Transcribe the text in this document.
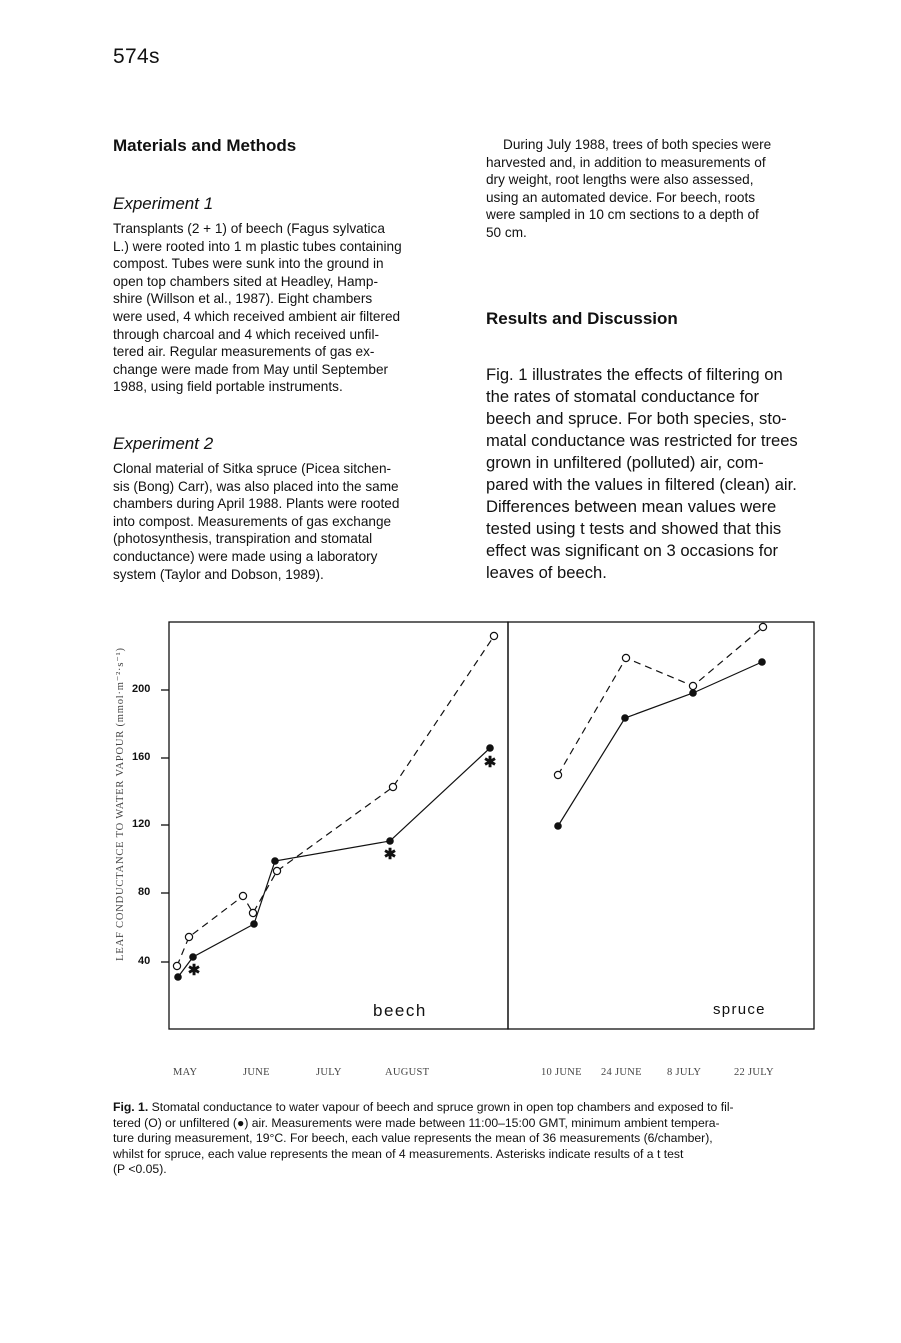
574s
Materials and Methods
Experiment 1
Transplants (2 + 1) of beech (Fagus sylvatica
L.) were rooted into 1 m plastic tubes containing
compost. Tubes were sunk into the ground in
open top chambers sited at Headley, Hamp-
shire (Willson et al., 1987). Eight chambers
were used, 4 which received ambient air filtered
through charcoal and 4 which received unfil-
tered air. Regular measurements of gas ex-
change were made from May until September
1988, using field portable instruments.
Experiment 2
Clonal material of Sitka spruce (Picea sitchen-
sis (Bong) Carr), was also placed into the same
chambers during April 1988. Plants were rooted
into compost. Measurements of gas exchange
(photosynthesis, transpiration and stomatal
conductance) were made using a laboratory
system (Taylor and Dobson, 1989).
During July 1988, trees of both species were
harvested and, in addition to measurements of
dry weight, root lengths were also assessed,
using an automated device. For beech, roots
were sampled in 10 cm sections to a depth of
50 cm.
Results and Discussion
Fig. 1 illustrates the effects of filtering on
the rates of stomatal conductance for
beech and spruce. For both species, sto-
matal conductance was restricted for trees
grown in unfiltered (polluted) air, com-
pared with the values in filtered (clean) air.
Differences between mean values were
tested using t tests and showed that this
effect was significant on 3 occasions for
leaves of beech.
✱
✱
✱
200
160
120
80
40
LEAF CONDUCTANCE TO WATER VAPOUR (mmol·m⁻²·s⁻¹)
beech	spruce
MAY	JUNE	JULY	AUGUST	10 JUNE 24 JUNE 8 JULY	22 JULY
Fig. 1. Stomatal conductance to water vapour of beech and spruce grown in open top chambers and exposed to fil-
tered (O) or unfiltered (●) air. Measurements were made between 11:00–15:00 GMT, minimum ambient tempera-
ture during measurement, 19°C. For beech, each value represents the mean of 36 measurements (6/chamber),
whilst for spruce, each value represents the mean of 4 measurements. Asterisks indicate results of a t test
(P <0.05).
